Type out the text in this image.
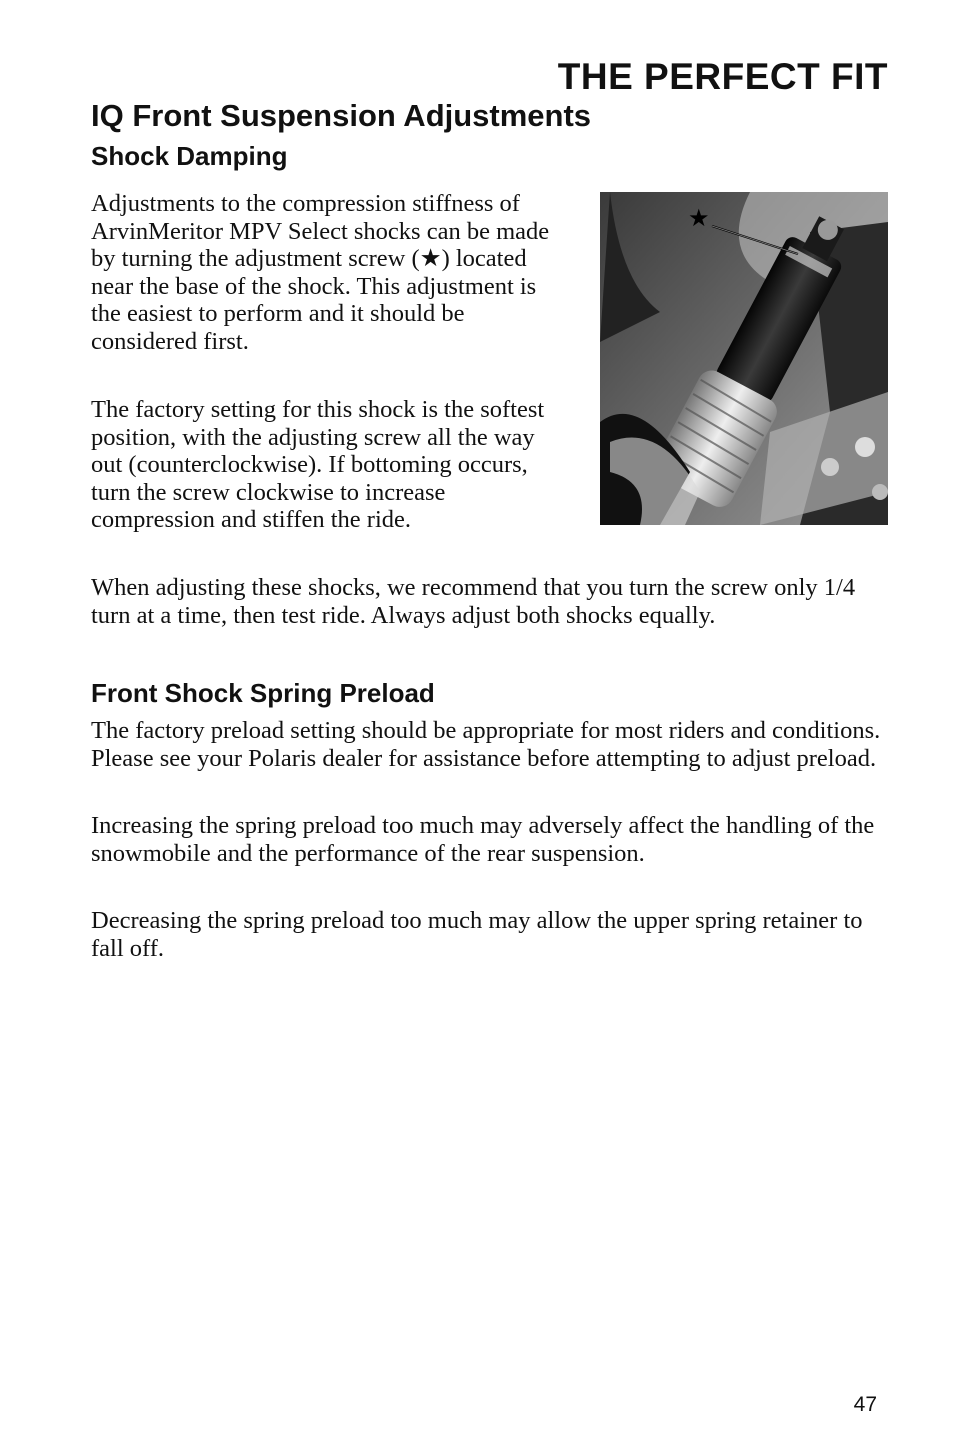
THE PERFECT FIT
IQ Front Suspension Adjustments
Shock Damping

Adjustments to the compression stiffness of ArvinMeritor MPV Select shocks can be made by turning the adjustment screw (★) located near the base of the shock. This adjustment is the easiest to perform and it should be considered first.

The factory setting for this shock is the softest position, with the adjusting screw all the way out (counterclockwise). If bottoming occurs, turn the screw clockwise to increase compression and stiffen the ride.

★

When adjusting these shocks, we recommend that you turn the screw only 1/4 turn at a time, then test ride. Always adjust both shocks equally.

Front Shock Spring Preload

The factory preload setting should be appropriate for most riders and conditions. Please see your Polaris dealer for assistance before attempting to adjust preload.

Increasing the spring preload too much may adversely affect the handling of the snowmobile and the performance of the rear suspension.

Decreasing the spring preload too much may allow the upper spring retainer to fall off.

47
